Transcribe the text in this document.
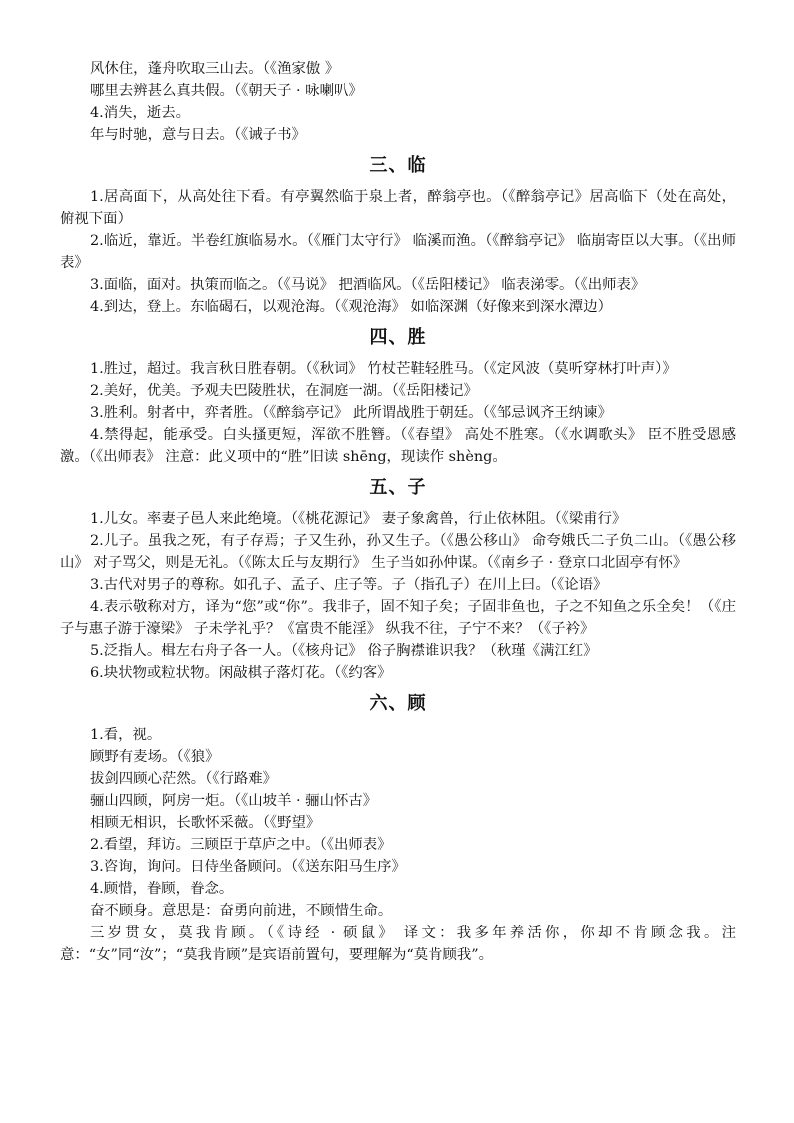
风休住，蓬舟吹取三山去。（《渔家傲 》

哪里去辨甚么真共假。（《朝天子 · 咏喇叭》

4.消失，逝去。

年与时驰，意与日去。（《诫子书》

三、临

1.居高面下，从高处往下看。有亭翼然临于泉上者，醉翁亭也。（《醉翁亭记》居高临下（处在高处，俯视下面）

2.临近，靠近。半卷红旗临易水。（《雁门太守行》 临溪而渔。（《醉翁亭记》 临崩寄臣以大事。（《出师表》

3.面临，面对。执策而临之。（《马说》 把酒临风。（《岳阳楼记》 临表涕零。（《出师表》

4.到达，登上。东临碣石，以观沧海。（《观沧海》 如临深渊（好像来到深水潭边）

四、胜

1.胜过，超过。我言秋日胜春朝。（《秋词》 竹杖芒鞋轻胜马。（《定风波（莫听穿林打叶声）》

2.美好，优美。予观夫巴陵胜状，在洞庭一湖。（《岳阳楼记》

3.胜利。射者中，弈者胜。（《醉翁亭记》 此所谓战胜于朝廷。（《邹忌讽齐王纳谏》

4.禁得起，能承受。白头搔更短，浑欲不胜簪。（《春望》 高处不胜寒。（《水调歌头》 臣不胜受恩感激。（《出师表》 注意：此义项中的“胜”旧读 shēng，现读作 shèng。

五、子

1.儿女。率妻子邑人来此绝境。（《桃花源记》 妻子象禽兽，行止依林阻。（《梁甫行》

2.儿子。虽我之死，有子存焉；子又生孙，孙又生子。（《愚公移山》 命夸娥氏二子负二山。（《愚公移山》 对子骂父，则是无礼。（《陈太丘与友期行》 生子当如孙仲谋。（《南乡子 · 登京口北固亭有怀》

3.古代对男子的尊称。如孔子、孟子、庄子等。子（指孔子）在川上曰。（《论语》

4.表示敬称对方，译为“您”或“你”。我非子，固不知子矣；子固非鱼也，子之不知鱼之乐全矣！（《庄子与惠子游于濠梁》 子未学礼乎？《富贵不能淫》 纵我不往，子宁不来？（《子衿》

5.泛指人。楫左右舟子各一人。（《核舟记》 俗子胸襟谁识我？（秋瑾《满江红》

6.块状物或粒状物。闲敲棋子落灯花。（《约客》

六、顾

1.看，视。

顾野有麦场。（《狼》

拔剑四顾心茫然。（《行路难》

骊山四顾，阿房一炬。（《山坡羊 · 骊山怀古》

相顾无相识，长歌怀采薇。（《野望》

2.看望，拜访。三顾臣于草庐之中。（《出师表》

3.咨询，询问。日侍坐备顾问。（《送东阳马生序》

4.顾惜，眷顾，眷念。

奋不顾身。意思是：奋勇向前进，不顾惜生命。

三岁贯女，莫我肯顾。（《诗经 · 硕鼠》 译文：我多年养活你，你却不肯顾念我。注意：“女”同“汝”；“莫我肯顾”是宾语前置句，要理解为“莫肯顾我”。
